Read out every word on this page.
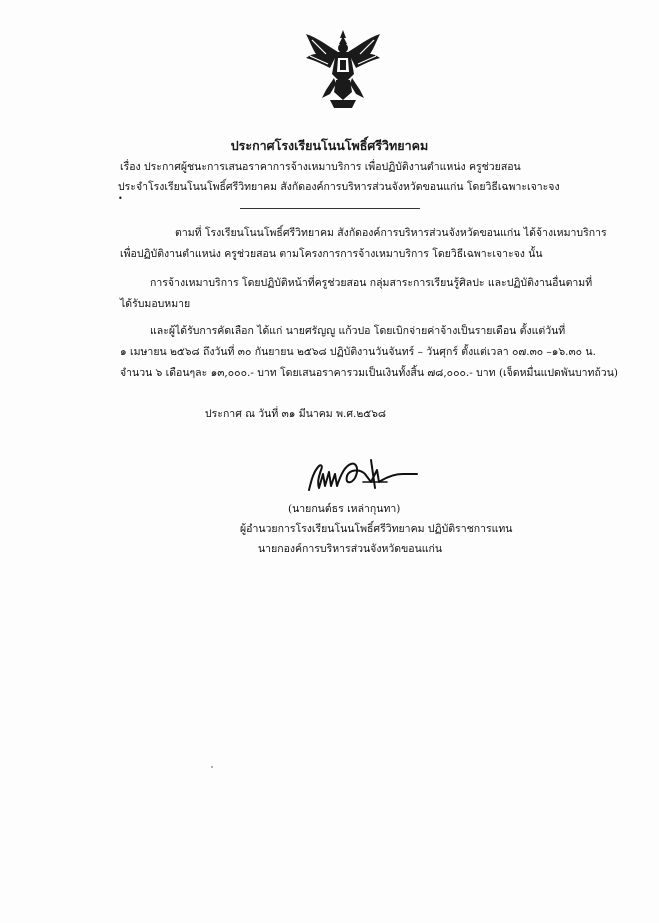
ประกาศโรงเรียนโนนโพธิ์ศรีวิทยาคม
เรื่อง ประกาศผู้ชนะการเสนอราคาการจ้างเหมาบริการ เพื่อปฏิบัติงานตำแหน่ง ครูช่วยสอน
ประจำโรงเรียนโนนโพธิ์ศรีวิทยาคม สังกัดองค์การบริหารส่วนจังหวัดขอนแก่น โดยวิธีเฉพาะเจาะจง
•
ตามที่ โรงเรียนโนนโพธิ์ศรีวิทยาคม สังกัดองค์การบริหารส่วนจังหวัดขอนแก่น ได้จ้างเหมาบริการ
เพื่อปฏิบัติงานตำแหน่ง ครูช่วยสอน ตามโครงการการจ้างเหมาบริการ โดยวิธีเฉพาะเจาะจง นั้น
การจ้างเหมาบริการ โดยปฏิบัติหน้าที่ครูช่วยสอน กลุ่มสาระการเรียนรู้ศิลปะ และปฏิบัติงานอื่นตามที่
ได้รับมอบหมาย
และผู้ได้รับการคัดเลือก ได้แก่ นายศรัญญู แก้วปอ โดยเบิกจ่ายค่าจ้างเป็นรายเดือน ตั้งแต่วันที่
๑ เมษายน ๒๕๖๘ ถึงวันที่ ๓๐ กันยายน ๒๕๖๘ ปฏิบัติงานวันจันทร์ – วันศุกร์ ตั้งแต่เวลา ๐๗.๓๐ –๑๖.๓๐ น.
จำนวน ๖ เดือนๆละ ๑๓,๐๐๐.- บาท โดยเสนอราคารวมเป็นเงินทั้งสิ้น ๗๘,๐๐๐.- บาท (เจ็ดหมื่นแปดพันบาทถ้วน)
ประกาศ ณ วันที่ ๓๑ มีนาคม พ.ศ.๒๕๖๘
(นายกนต์ธร เหล่ากุนทา)
ผู้อำนวยการโรงเรียนโนนโพธิ์ศรีวิทยาคม ปฏิบัติราชการแทน
นายกองค์การบริหารส่วนจังหวัดขอนแก่น
